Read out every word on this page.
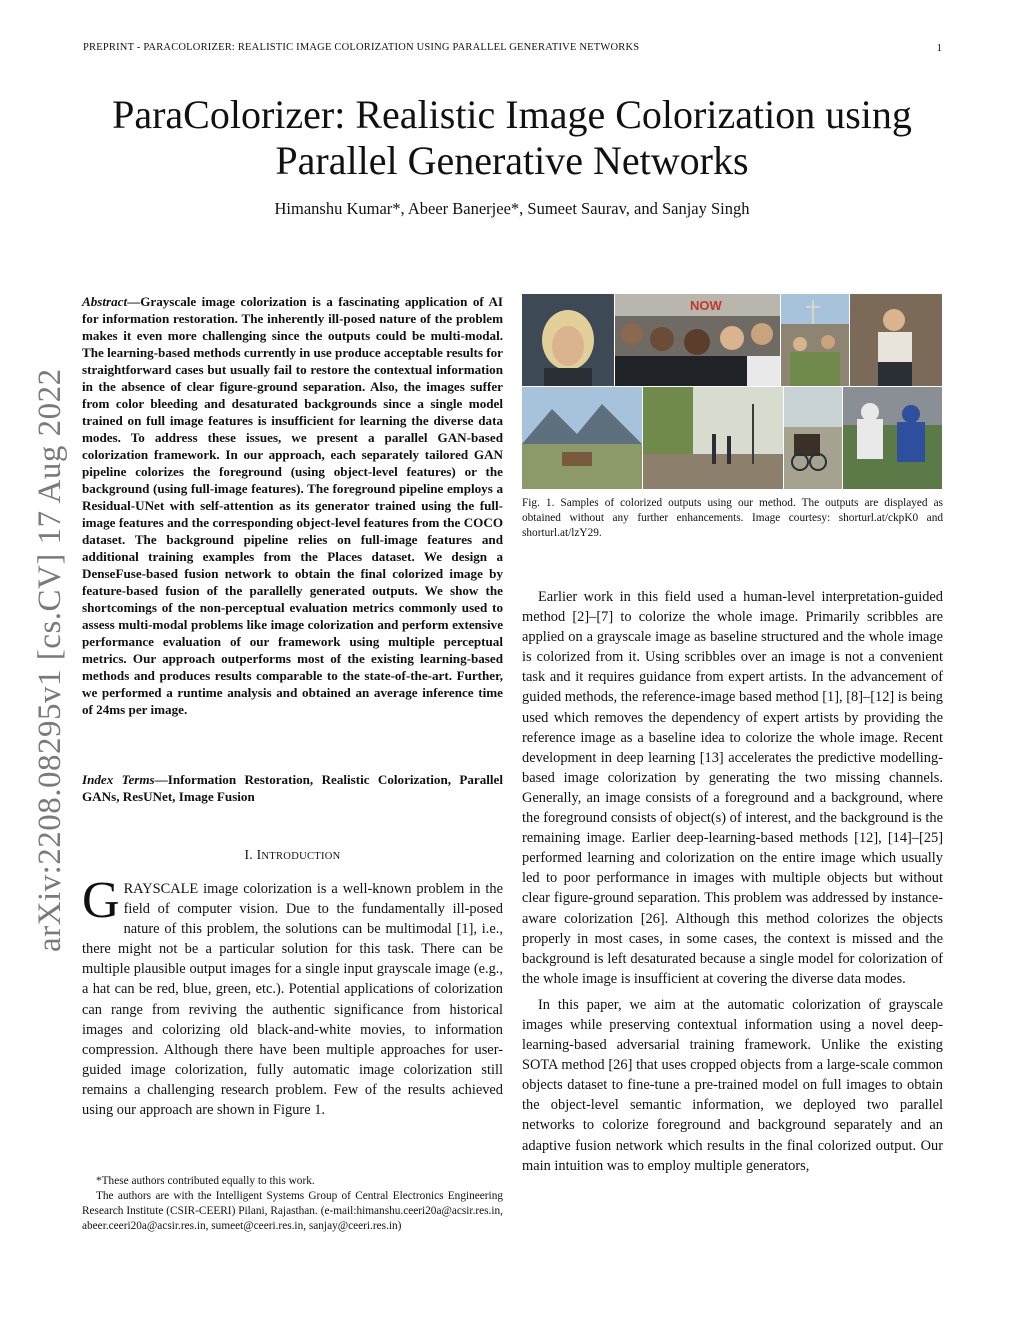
PREPRINT - PARACOLORIZER: REALISTIC IMAGE COLORIZATION USING PARALLEL GENERATIVE NETWORKS	1
ParaColorizer: Realistic Image Colorization using
Parallel Generative Networks
Himanshu Kumar*, Abeer Banerjee*, Sumeet Saurav, and Sanjay Singh
arXiv:2208.08295v1 [cs.CV] 17 Aug 2022
Abstract—Grayscale image colorization is a fascinating application of AI for information restoration. The inherently ill-posed nature of the problem makes it even more challenging since the outputs could be multi-modal. The learning-based methods currently in use produce acceptable results for straightforward cases but usually fail to restore the contextual information in the absence of clear figure-ground separation. Also, the images suffer from color bleeding and desaturated backgrounds since a single model trained on full image features is insufficient for learning the diverse data modes. To address these issues, we present a parallel GAN-based colorization framework. In our approach, each separately tailored GAN pipeline colorizes the foreground (using object-level features) or the background (using full-image features). The foreground pipeline employs a Residual-UNet with self-attention as its generator trained using the full-image features and the corresponding object-level features from the COCO dataset. The background pipeline relies on full-image features and additional training examples from the Places dataset. We design a DenseFuse-based fusion network to obtain the final colorized image by feature-based fusion of the parallelly generated outputs. We show the shortcomings of the non-perceptual evaluation metrics commonly used to assess multi-modal problems like image colorization and perform extensive performance evaluation of our framework using multiple perceptual metrics. Our approach outperforms most of the existing learning-based methods and produces results comparable to the state-of-the-art. Further, we performed a runtime analysis and obtained an average inference time of 24ms per image.
Index Terms—Information Restoration, Realistic Colorization, Parallel GANs, ResUNet, Image Fusion
I. INTRODUCTION
GRAYSCALE image colorization is a well-known problem in the field of computer vision. Due to the fundamentally ill-posed nature of this problem, the solutions can be multimodal [1], i.e., there might not be a particular solution for this task. There can be multiple plausible output images for a single input grayscale image (e.g., a hat can be red, blue, green, etc.). Potential applications of colorization can range from reviving the authentic significance from historical images and colorizing old black-and-white movies, to information compression. Although there have been multiple approaches for user-guided image colorization, fully automatic image colorization still remains a challenging research problem. Few of the results achieved using our approach are shown in Figure 1.

*These authors contributed equally to this work.

The authors are with the Intelligent Systems Group of Central Electronics Engineering Research Institute (CSIR-CEERI) Pilani, Rajasthan. (e-mail:himanshu.ceeri20a@acsir.res.in, abeer.ceeri20a@acsir.res.in, sumeet@ceeri.res.in, sanjay@ceeri.res.in)

NOW
Fig. 1. Samples of colorized outputs using our method. The outputs are displayed as obtained without any further enhancements. Image courtesy: shorturl.at/ckpK0 and shorturl.at/lzY29.

Earlier work in this field used a human-level interpretation-guided method [2]–[7] to colorize the whole image. Primarily scribbles are applied on a grayscale image as baseline structured and the whole image is colorized from it. Using scribbles over an image is not a convenient task and it requires guidance from expert artists. In the advancement of guided methods, the reference-image based method [1], [8]–[12] is being used which removes the dependency of expert artists by providing the reference image as a baseline idea to colorize the whole image. Recent development in deep learning [13] accelerates the predictive modelling-based image colorization by generating the two missing channels. Generally, an image consists of a foreground and a background, where the foreground consists of object(s) of interest, and the background is the remaining image. Earlier deep-learning-based methods [12], [14]–[25] performed learning and colorization on the entire image which usually led to poor performance in images with multiple objects but without clear figure-ground separation. This problem was addressed by instance-aware colorization [26]. Although this method colorizes the objects properly in most cases, in some cases, the context is missed and the background is left desaturated because a single model for colorization of the whole image is insufficient at covering the diverse data modes.

In this paper, we aim at the automatic colorization of grayscale images while preserving contextual information using a novel deep-learning-based adversarial training framework. Unlike the existing SOTA method [26] that uses cropped objects from a large-scale common objects dataset to fine-tune a pre-trained model on full images to obtain the object-level semantic information, we deployed two parallel networks to colorize foreground and background separately and an adaptive fusion network which results in the final colorized output. Our main intuition was to employ multiple generators,
